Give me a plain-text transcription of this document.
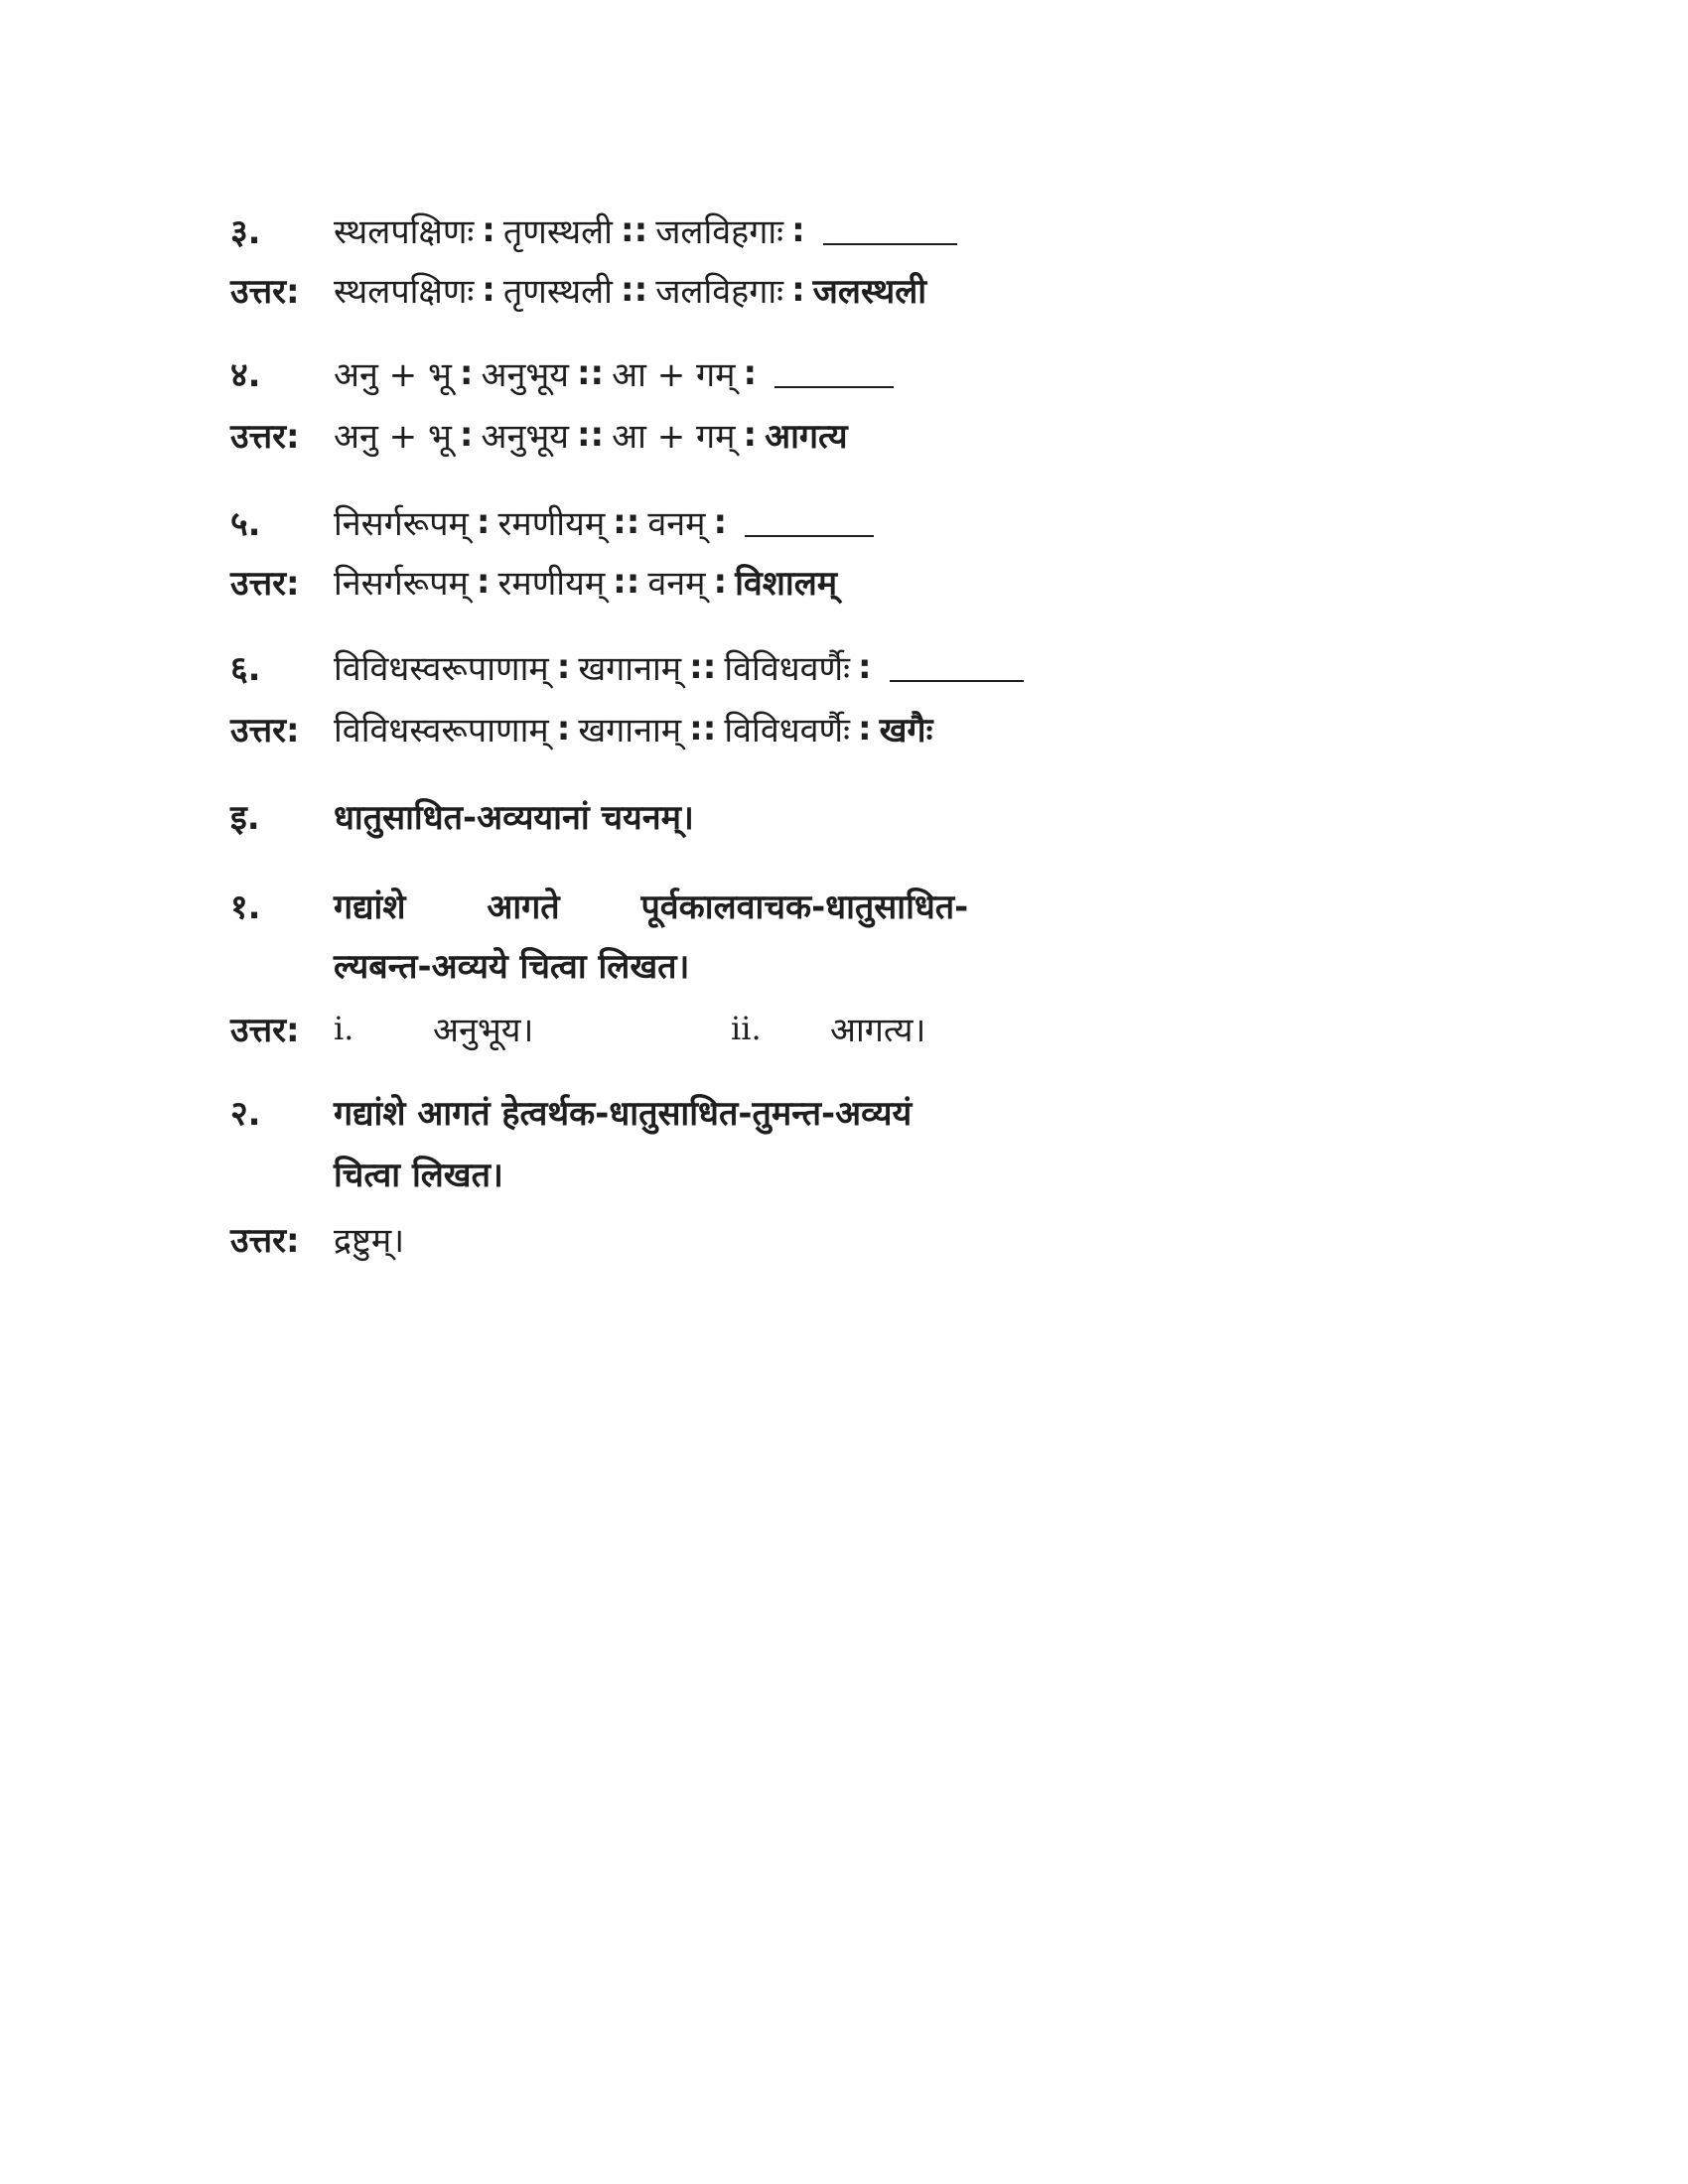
३.	स्थलपक्षिणः : तृणस्थली :: जलविहगाः :
उत्तर:	स्थलपक्षिणः : तृणस्थली :: जलविहगाः : जलस्थली
४.	अनु + भू : अनुभूय :: आ + गम् :
उत्तर:	अनु + भू : अनुभूय :: आ + गम् : आगत्य
५.	निसर्गरूपम् : रमणीयम् :: वनम् :
उत्तर:	निसर्गरूपम् : रमणीयम् :: वनम् : विशालम्
६.	विविधस्वरूपाणाम् : खगानाम् :: विविधवर्णैः :
उत्तर:	विविधस्वरूपाणाम् : खगानाम् :: विविधवर्णैः : खगैः
इ.	धातुसाधित-अव्ययानां चयनम्।
१.	गद्यांशे आगते पूर्वकालवाचक-धातुसाधित-
ल्यबन्त-अव्यये चित्वा लिखत।
उत्तर:	i.	अनुभूय।	ii.	आगत्य।
२.	गद्यांशे आगतं हेत्वर्थक-धातुसाधित-तुमन्त-अव्ययं
चित्वा लिखत।
उत्तर:	द्रष्टुम्।
